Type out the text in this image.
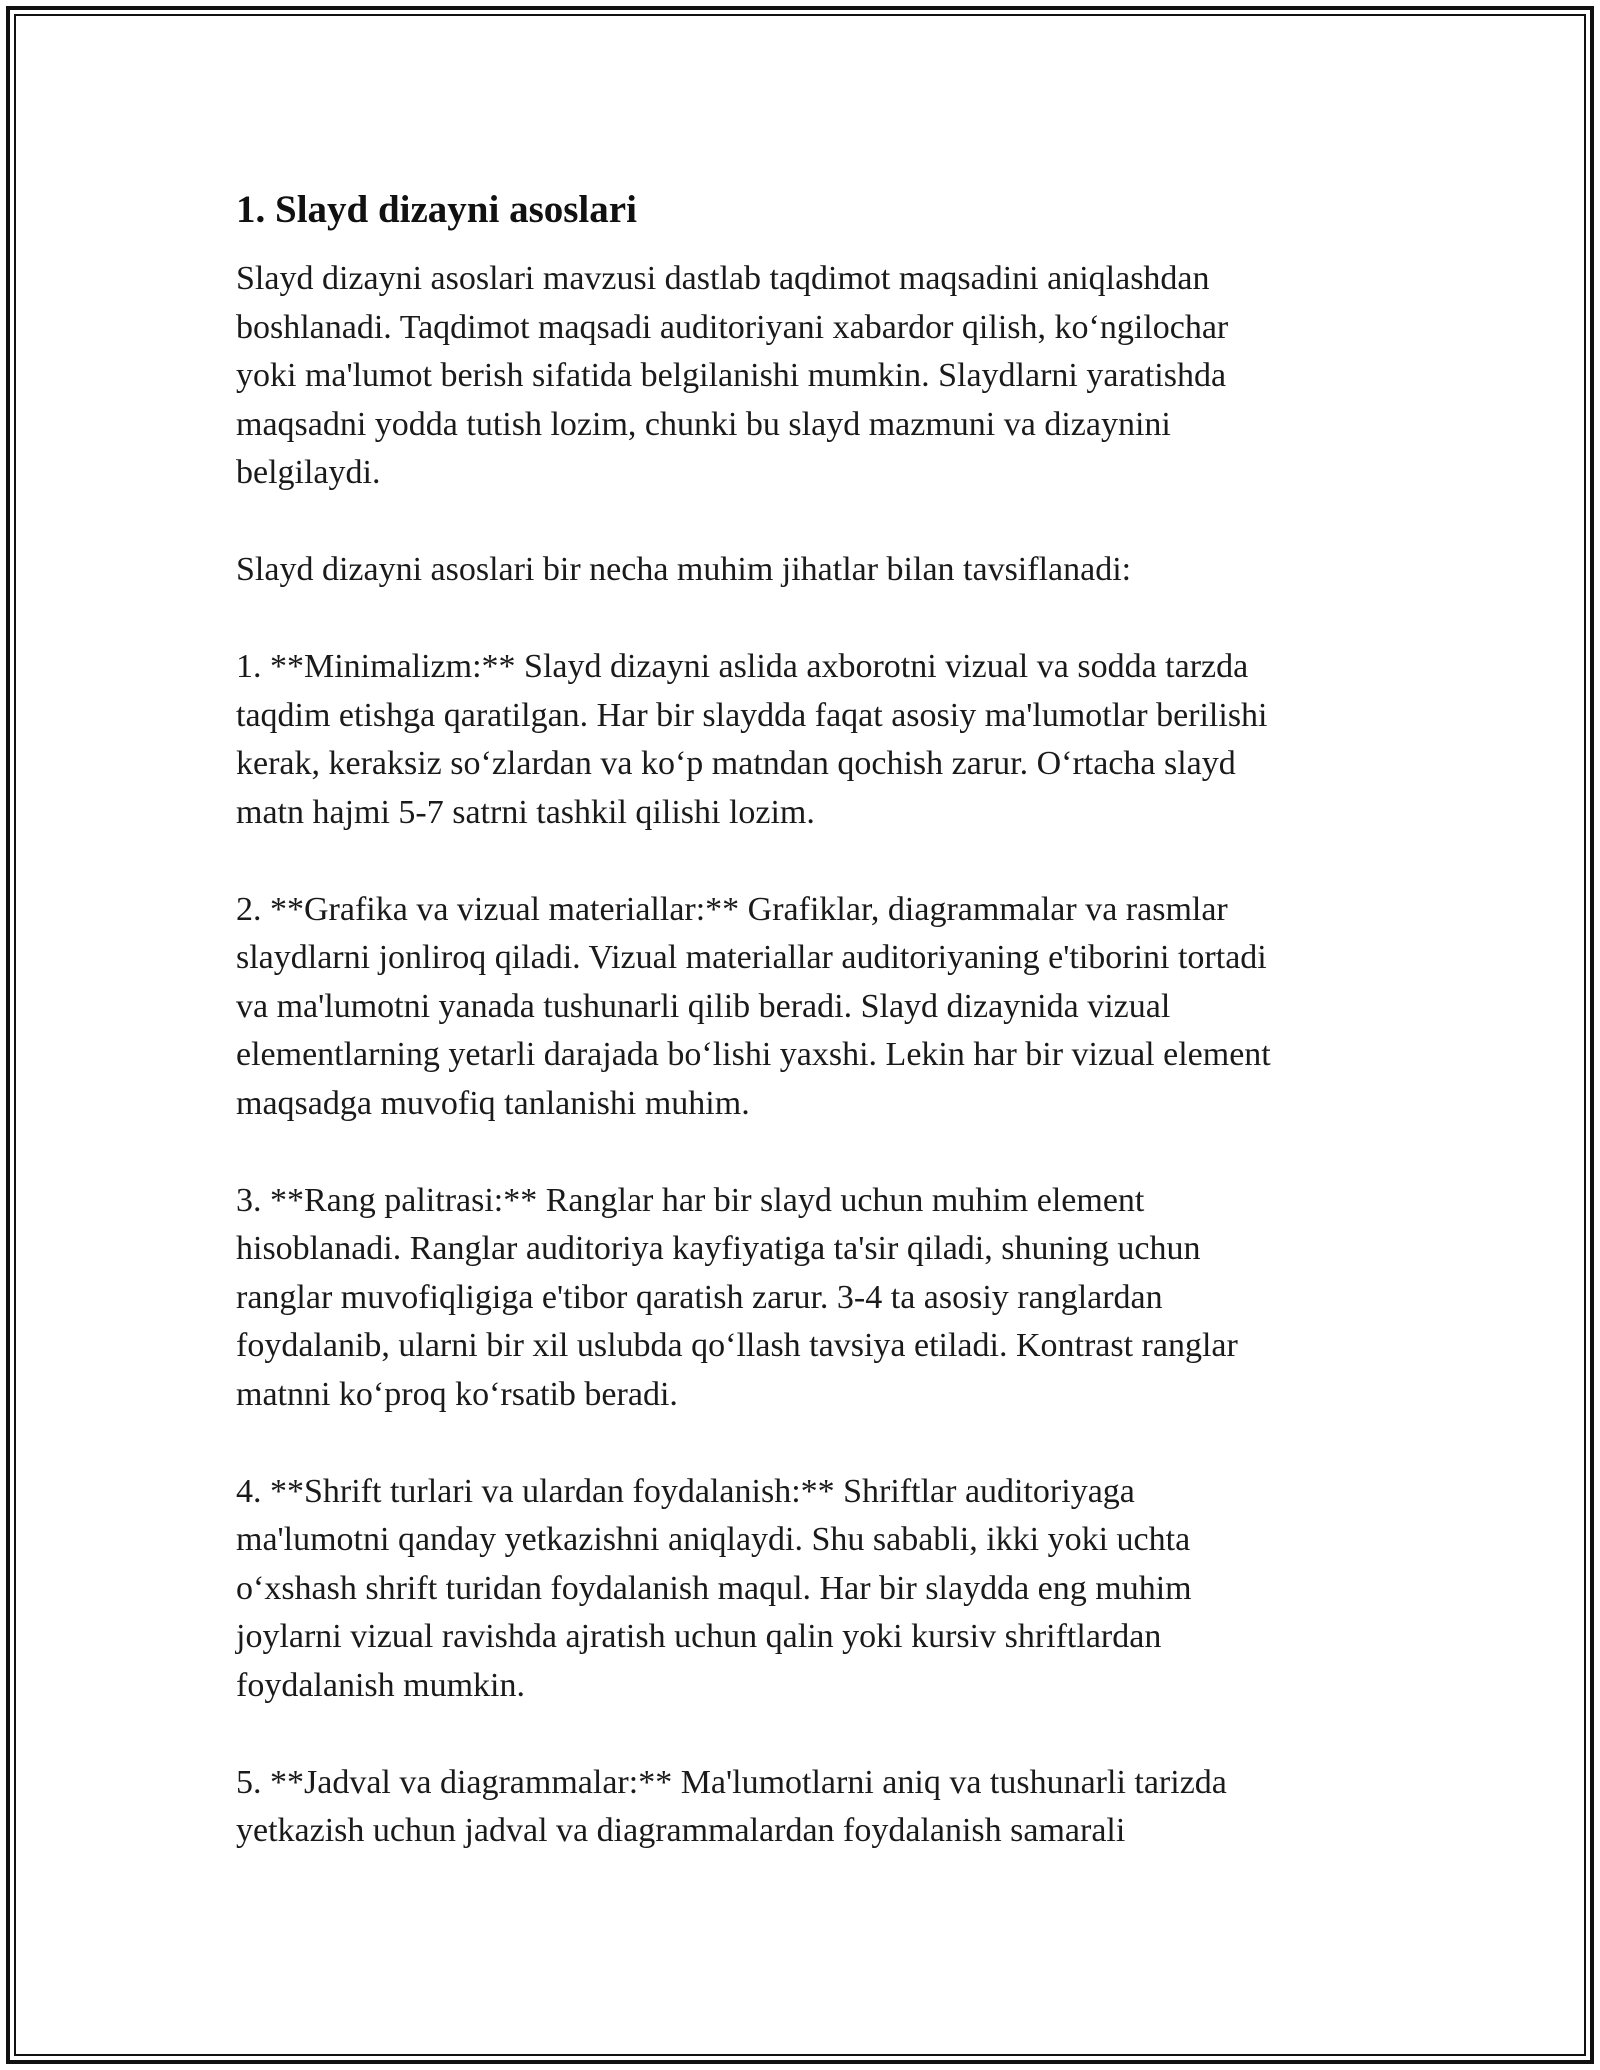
1. Slayd dizayni asoslari

Slayd dizayni asoslari mavzusi dastlab taqdimot maqsadini aniqlashdan
boshlanadi. Taqdimot maqsadi auditoriyani xabardor qilish, ko‘ngilochar
yoki ma'lumot berish sifatida belgilanishi mumkin. Slaydlarni yaratishda
maqsadni yodda tutish lozim, chunki bu slayd mazmuni va dizaynini
belgilaydi.

Slayd dizayni asoslari bir necha muhim jihatlar bilan tavsiflanadi:

1. **Minimalizm:** Slayd dizayni aslida axborotni vizual va sodda tarzda
taqdim etishga qaratilgan. Har bir slaydda faqat asosiy ma'lumotlar berilishi
kerak, keraksiz so‘zlardan va ko‘p matndan qochish zarur. O‘rtacha slayd
matn hajmi 5-7 satrni tashkil qilishi lozim.

2. **Grafika va vizual materiallar:** Grafiklar, diagrammalar va rasmlar
slaydlarni jonliroq qiladi. Vizual materiallar auditoriyaning e'tiborini tortadi
va ma'lumotni yanada tushunarli qilib beradi. Slayd dizaynida vizual
elementlarning yetarli darajada bo‘lishi yaxshi. Lekin har bir vizual element
maqsadga muvofiq tanlanishi muhim.

3. **Rang palitrasi:** Ranglar har bir slayd uchun muhim element
hisoblanadi. Ranglar auditoriya kayfiyatiga ta'sir qiladi, shuning uchun
ranglar muvofiqligiga e'tibor qaratish zarur. 3-4 ta asosiy ranglardan
foydalanib, ularni bir xil uslubda qo‘llash tavsiya etiladi. Kontrast ranglar
matnni ko‘proq ko‘rsatib beradi.

4. **Shrift turlari va ulardan foydalanish:** Shriftlar auditoriyaga
ma'lumotni qanday yetkazishni aniqlaydi. Shu sababli, ikki yoki uchta
o‘xshash shrift turidan foydalanish maqul. Har bir slaydda eng muhim
joylarni vizual ravishda ajratish uchun qalin yoki kursiv shriftlardan
foydalanish mumkin.

5. **Jadval va diagrammalar:** Ma'lumotlarni aniq va tushunarli tarizda
yetkazish uchun jadval va diagrammalardan foydalanish samarali
